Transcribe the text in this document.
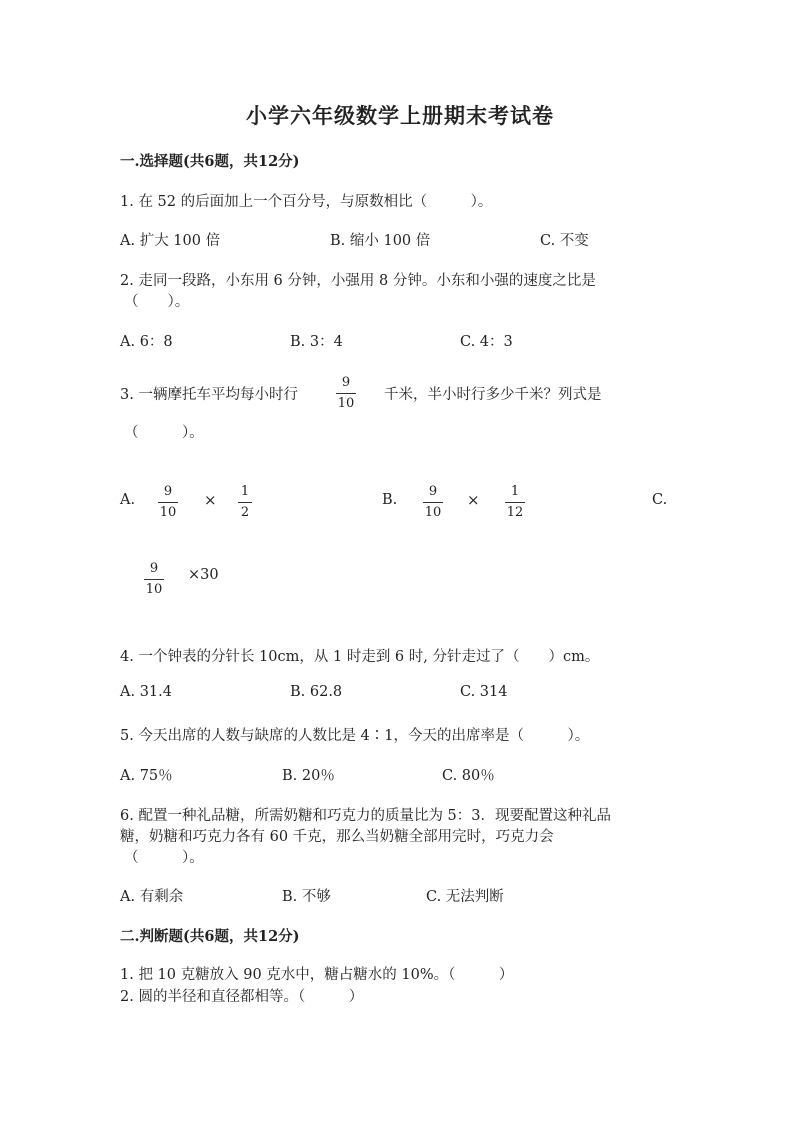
小学六年级数学上册期末考试卷
一.选择题(共6题，共12分)
1. 在 52 的后面加上一个百分号，与原数相比（　　　）。
A. 扩大 100 倍	B. 缩小 100 倍	C. 不变
2. 走同一段路，小东用 6 分钟，小强用 8 分钟。小东和小强的速度之比是
（　　）。
A. 6：8	B. 3：4	C. 4：3
3. 一辆摩托车平均每小时行
9
10
千米，半小时行多少千米？列式是
（　　　）。
A.
9
10
× 1
2
B.
9
10
× 1
12
C.
9
10
×30
4. 一个钟表的分针长 10cm，从 1 时走到 6 时, 分针走过了（　　）cm。
A. 31.4	B. 62.8	C. 314
5. 今天出席的人数与缺席的人数比是 4∶1，今天的出席率是（　　　）。
A. 75％	B. 20％	C. 80％
6. 配置一种礼品糖，所需奶糖和巧克力的质量比为 5：3．现要配置这种礼品
糖，奶糖和巧克力各有 60 千克，那么当奶糖全部用完时，巧克力会
（　　　）。
A. 有剩余	B. 不够	C. 无法判断
二.判断题(共6题，共12分)
1. 把 10 克糖放入 90 克水中，糖占糖水的 10%。（　　　）
2. 圆的半径和直径都相等。（　　　）
